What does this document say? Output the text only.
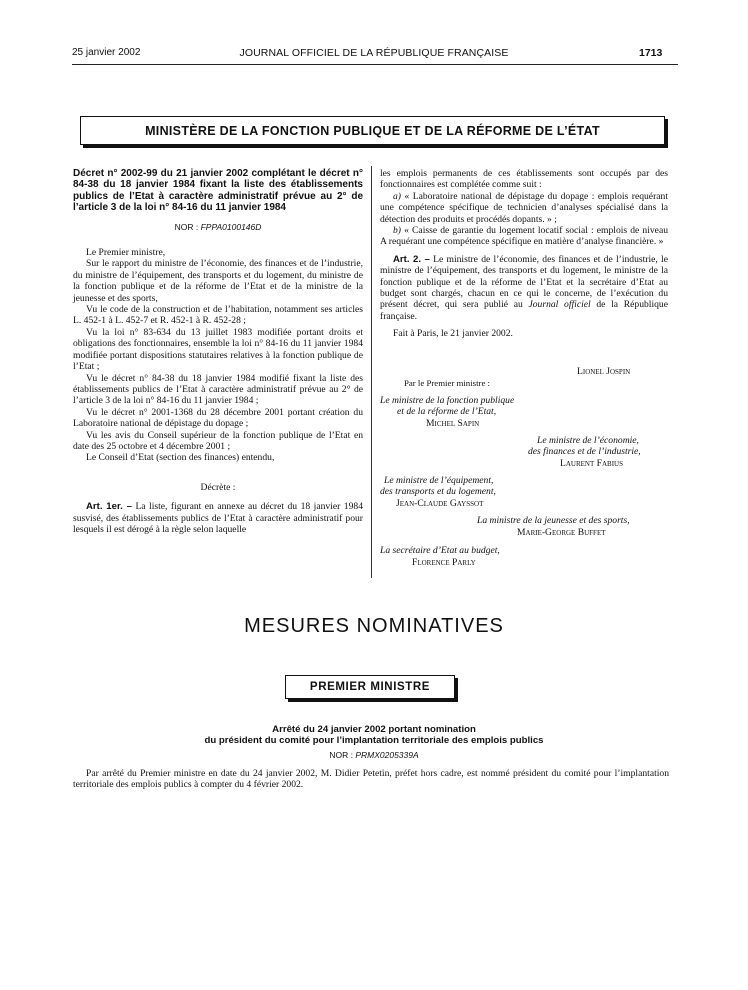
25 janvier 2002	JOURNAL OFFICIEL DE LA RÉPUBLIQUE FRANÇAISE	1713
MINISTÈRE DE LA FONCTION PUBLIQUE ET DE LA RÉFORME DE L’ÉTAT
Décret n° 2002-99 du 21 janvier 2002 complétant le décret n° 84-38 du 18 janvier 1984 fixant la liste des établissements publics de l’Etat à caractère administratif prévue au 2° de l’article 3 de la loi n° 84-16 du 11 janvier 1984
NOR : FPPA0100146D

Le Premier ministre,

Sur le rapport du ministre de l’économie, des finances et de l’industrie, du ministre de l’équipement, des transports et du logement, du ministre de la fonction publique et de la réforme de l’Etat et de la ministre de la jeunesse et des sports,

Vu le code de la construction et de l’habitation, notamment ses articles L. 452-1 à L. 452-7 et R. 452-1 à R. 452-28 ;

Vu la loi n° 83-634 du 13 juillet 1983 modifiée portant droits et obligations des fonctionnaires, ensemble la loi n° 84-16 du 11 janvier 1984 modifiée portant dispositions statutaires relatives à la fonction publique de l’Etat ;

Vu le décret n° 84-38 du 18 janvier 1984 modifié fixant la liste des établissements publics de l’Etat à caractère administratif prévue au 2° de l’article 3 de la loi n° 84-16 du 11 janvier 1984 ;

Vu le décret n° 2001-1368 du 28 décembre 2001 portant création du Laboratoire national de dépistage du dopage ;

Vu les avis du Conseil supérieur de la fonction publique de l’Etat en date des 25 octobre et 4 décembre 2001 ;

Le Conseil d’Etat (section des finances) entendu,

Décrète :

Art. 1er. – La liste, figurant en annexe au décret du 18 janvier 1984 susvisé, des établissements publics de l’Etat à caractère administratif pour lesquels il est dérogé à la règle selon laquelle

les emplois permanents de ces établissements sont occupés par des fonctionnaires est complétée comme suit :

a) « Laboratoire national de dépistage du dopage : emplois requérant une compétence spécifique de technicien d’analyses spécialisé dans la détection des produits et procédés dopants. » ;

b) « Caisse de garantie du logement locatif social : emplois de niveau A requérant une compétence spécifique en matière d’analyse financière. »

Art. 2. – Le ministre de l’économie, des finances et de l’industrie, le ministre de l’équipement, des transports et du logement, le ministre de la fonction publique et de la réforme de l’Etat et la secrétaire d’Etat au budget sont chargés, chacun en ce qui le concerne, de l’exécution du présent décret, qui sera publié au Journal officiel de la République française.

Fait à Paris, le 21 janvier 2002.

Lionel Jospin
Par le Premier ministre :
Le ministre de la fonction publique
et de la réforme de l’Etat,
Michel Sapin
Le ministre de l’économie,
des finances et de l’industrie,
Laurent Fabius
Le ministre de l’équipement,
des transports et du logement,
Jean-Claude Gayssot
La ministre de la jeunesse et des sports,
Marie-George Buffet
La secrétaire d’Etat au budget,
Florence Parly
MESURES NOMINATIVES
PREMIER MINISTRE
Arrêté du 24 janvier 2002 portant nomination
du président du comité pour l’implantation territoriale des emplois publics
NOR : PRMX0205339A
Par arrêté du Premier ministre en date du 24 janvier 2002, M. Didier Petetin, préfet hors cadre, est nommé président du comité pour l’implantation territoriale des emplois publics à compter du 4 février 2002.
